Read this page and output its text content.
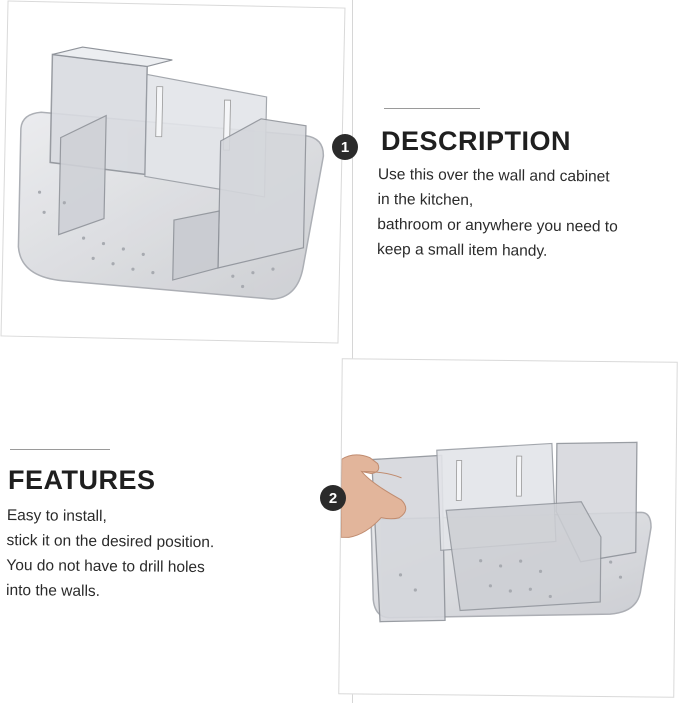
1
2
DESCRIPTION
Use this over the wall and cabinet
in the kitchen,
bathroom or anywhere you need to
keep a small item handy.
FEATURES
Easy to install,
stick it on the desired position.
You do not have to drill holes
into the walls.
